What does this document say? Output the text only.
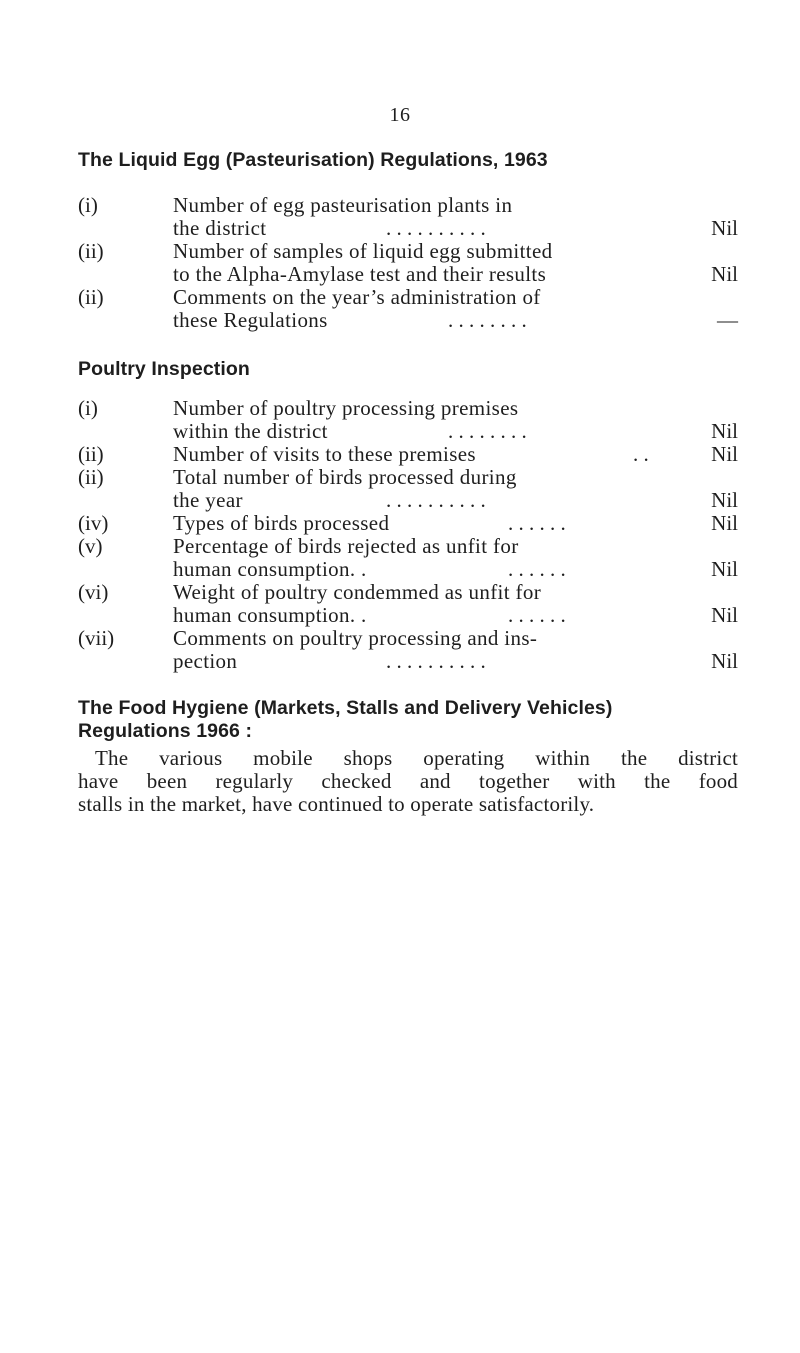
16
The Liquid Egg (Pasteurisation) Regulations, 1963
(i)	Number of egg pasteurisation plants in
the district	. . . . . . . . . .	Nil
(ii)	Number of samples of liquid egg submitted
to the Alpha-Amylase test and their results	Nil
(ii)	Comments on the year’s administration of
these Regulations	. . . . . . . .	—
Poultry Inspection
(i)	Number of poultry processing premises
within the district	. . . . . . . .	Nil
(ii)	Number of visits to these premises	. .	Nil
(ii)	Total number of birds processed during
the year	. . . . . . . . . .	Nil
(iv)	Types of birds processed	. . . . . .	Nil
(v)	Percentage of birds rejected as unfit for
human consumption. .	. . . . . .	Nil
(vi)	Weight of poultry condemmed as unfit for
human consumption. .	. . . . . .	Nil
(vii)	Comments on poultry processing and ins-
pection	. . . . . . . . . .	Nil
The Food Hygiene (Markets, Stalls and Delivery Vehicles)
Regulations 1966 :
The various mobile shops operating within the district
have been regularly checked and together with the food
stalls in the market, have continued to operate satisfactorily.
